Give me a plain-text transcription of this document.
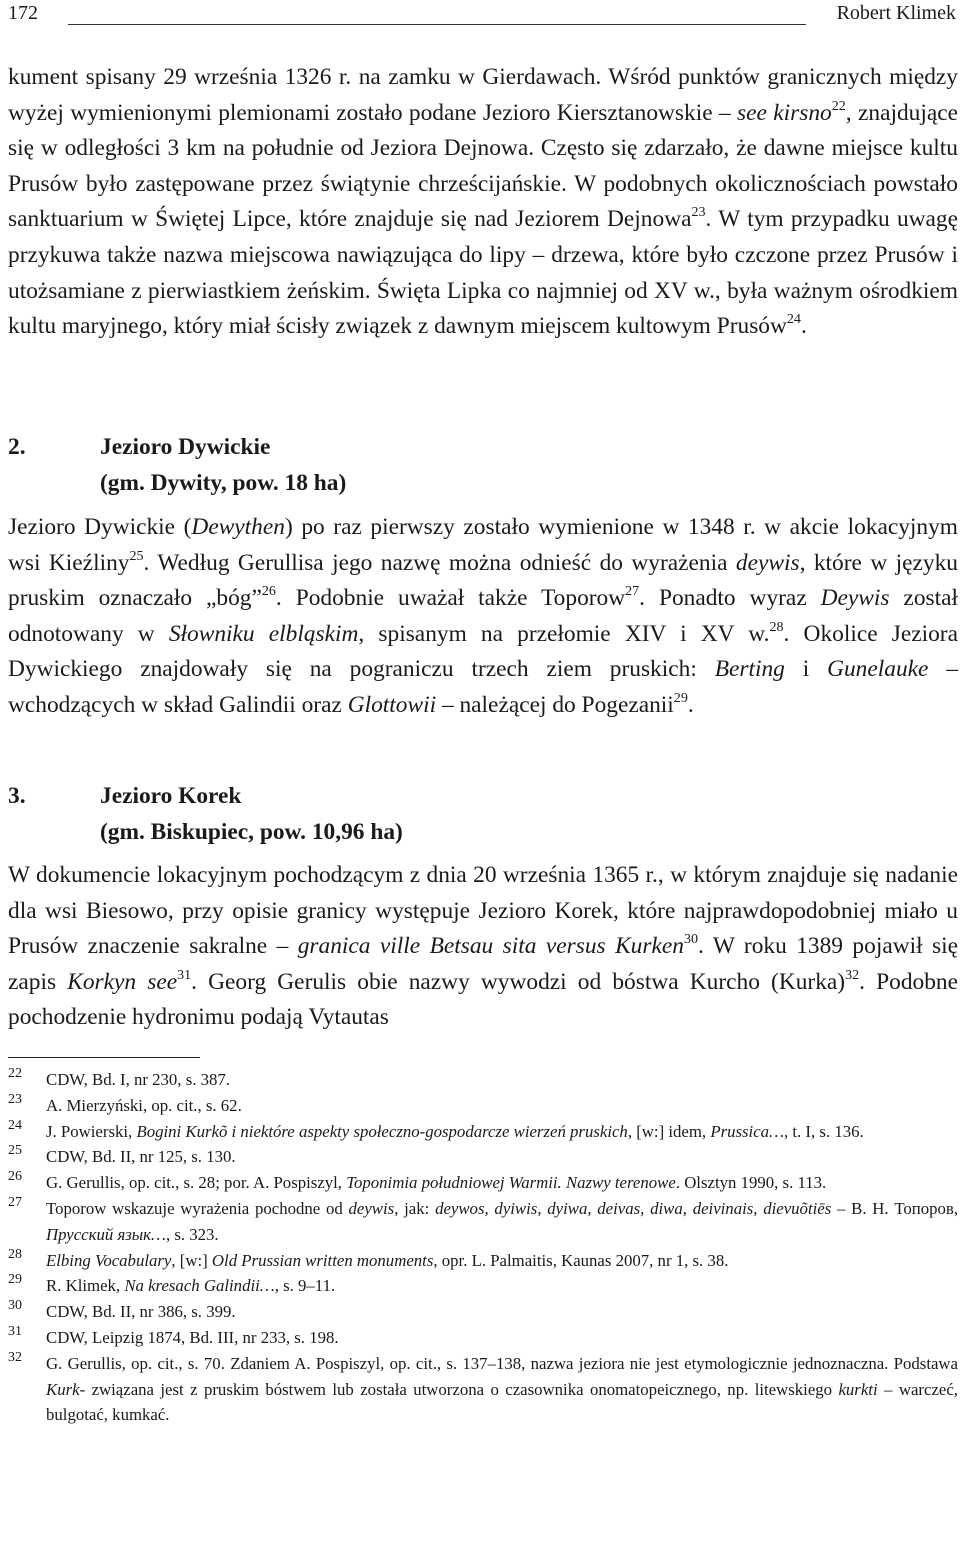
172	Robert Klimek

kument spisany 29 września 1326 r. na zamku w Gierdawach. Wśród punktów granicznych między wyżej wymienionymi plemionami zostało podane Jezioro Kiersztanowskie – see kirsno$^{22}$, znajdujące się w odległości 3 km na południe od Jeziora Dejnowa. Często się zdarzało, że dawne miejsce kultu Prusów było zastępowane przez świątynie chrześcijańskie. W podobnych okolicznościach powstało sanktuarium w Świętej Lipce, które znajduje się nad Jeziorem Dejnowa$^{23}$. W tym przypadku uwagę przykuwa także nazwa miejscowa nawiązująca do lipy – drzewa, które było czczone przez Prusów i utożsamiane z pierwiastkiem żeńskim. Święta Lipka co najmniej od XV w., była ważnym ośrodkiem kultu maryjnego, który miał ścisły związek z dawnym miejscem kultowym Prusów$^{24}$.

2.	Jezioro Dywickie
(gm. Dywity, pow. 18 ha)

Jezioro Dywickie (Dewythen) po raz pierwszy zostało wymienione w 1348 r. w akcie lokacyjnym wsi Kieźliny$^{25}$. Według Gerullisa jego nazwę można odnieść do wyrażenia deywis, które w języku pruskim oznaczało „bóg”$^{26}$. Podobnie uważał także Toporow$^{27}$. Ponadto wyraz Deywis został odnotowany w Słowniku elbląskim, spisanym na przełomie XIV i XV w.$^{28}$. Okolice Jeziora Dywickiego znajdowały się na pograniczu trzech ziem pruskich: Berting i Gunelauke – wchodzących w skład Galindii oraz Glottowii – należącej do Pogezanii$^{29}$.

3.	Jezioro Korek
(gm. Biskupiec, pow. 10,96 ha)

W dokumencie lokacyjnym pochodzącym z dnia 20 września 1365 r., w którym znajduje się nadanie dla wsi Biesowo, przy opisie granicy występuje Jezioro Korek, które najprawdopodobniej miało u Prusów znaczenie sakralne – granica ville Betsau sita versus Kurken$^{30}$. W roku 1389 pojawił się zapis Korkyn see$^{31}$. Georg Gerulis obie nazwy wywodzi od bóstwa Kurcho (Kurka)$^{32}$. Podobne pochodzenie hydronimu podają Vytautas

22 CDW, Bd. I, nr 230, s. 387.
23 A. Mierzyński, op. cit., s. 62.
24 J. Powierski, Bogini Kurkõ i niektóre aspekty społeczno-gospodarcze wierzeń pruskich, [w:] idem, Prussica…, t. I, s. 136.
25 CDW, Bd. II, nr 125, s. 130.
26 G. Gerullis, op. cit., s. 28; por. A. Pospiszyl, Toponimia południowej Warmii. Nazwy terenowe. Olsztyn 1990, s. 113.
27 Toporow wskazuje wyrażenia pochodne od deywis, jak: deywos, dyiwis, dyiwa, deivas, diwa, deivinais, dievuõtiēs – В. Н. Топоров, Прусский язык…, s. 323.
28 Elbing Vocabulary, [w:] Old Prussian written monuments, opr. L. Palmaitis, Kaunas 2007, nr 1, s. 38.
29 R. Klimek, Na kresach Galindii…, s. 9–11.
30 CDW, Bd. II, nr 386, s. 399.
31 CDW, Leipzig 1874, Bd. III, nr 233, s. 198.
32 G. Gerullis, op. cit., s. 70. Zdaniem A. Pospiszyl, op. cit., s. 137–138, nazwa jeziora nie jest etymologicznie jednoznaczna. Podstawa Kurk- związana jest z pruskim bóstwem lub została utworzona o czasownika onomatopeicznego, np. litewskiego kurkti – warczeć, bulgotać, kumkać.
